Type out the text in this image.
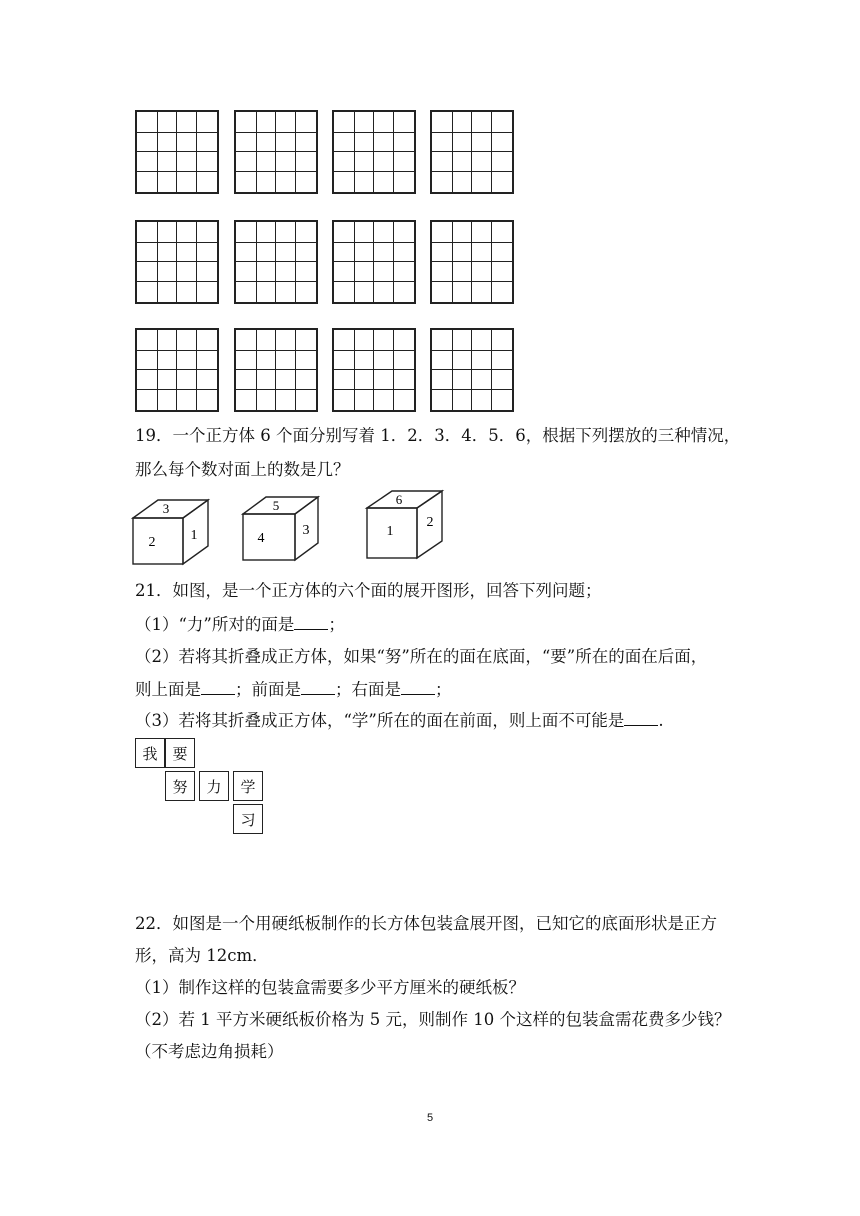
19．一个正方体 6 个面分别写着 1．2．3．4．5．6，根据下列摆放的三种情况，
那么每个数对面上的数是几？
3
2	1
5
4
3
6
1
2
21．如图，是一个正方体的六个面的展开图形，回答下列问题；
（1）“力”所对的面是 ；
（2）若将其折叠成正方体，如果“努”所在的面在底面，“要”所在的面在后面，
则上面是 ；前面是 ；右面是 ；
（3）若将其折叠成正方体，“学”所在的面在前面，则上面不可能是 .
我 要
努	力	学
习
22．如图是一个用硬纸板制作的长方体包装盒展开图，已知它的底面形状是正方
形，高为 12cm．
（1）制作这样的包装盒需要多少平方厘米的硬纸板？
（2）若 1 平方米硬纸板价格为 5 元，则制作 10 个这样的包装盒需花费多少钱？
（不考虑边角损耗）
5
